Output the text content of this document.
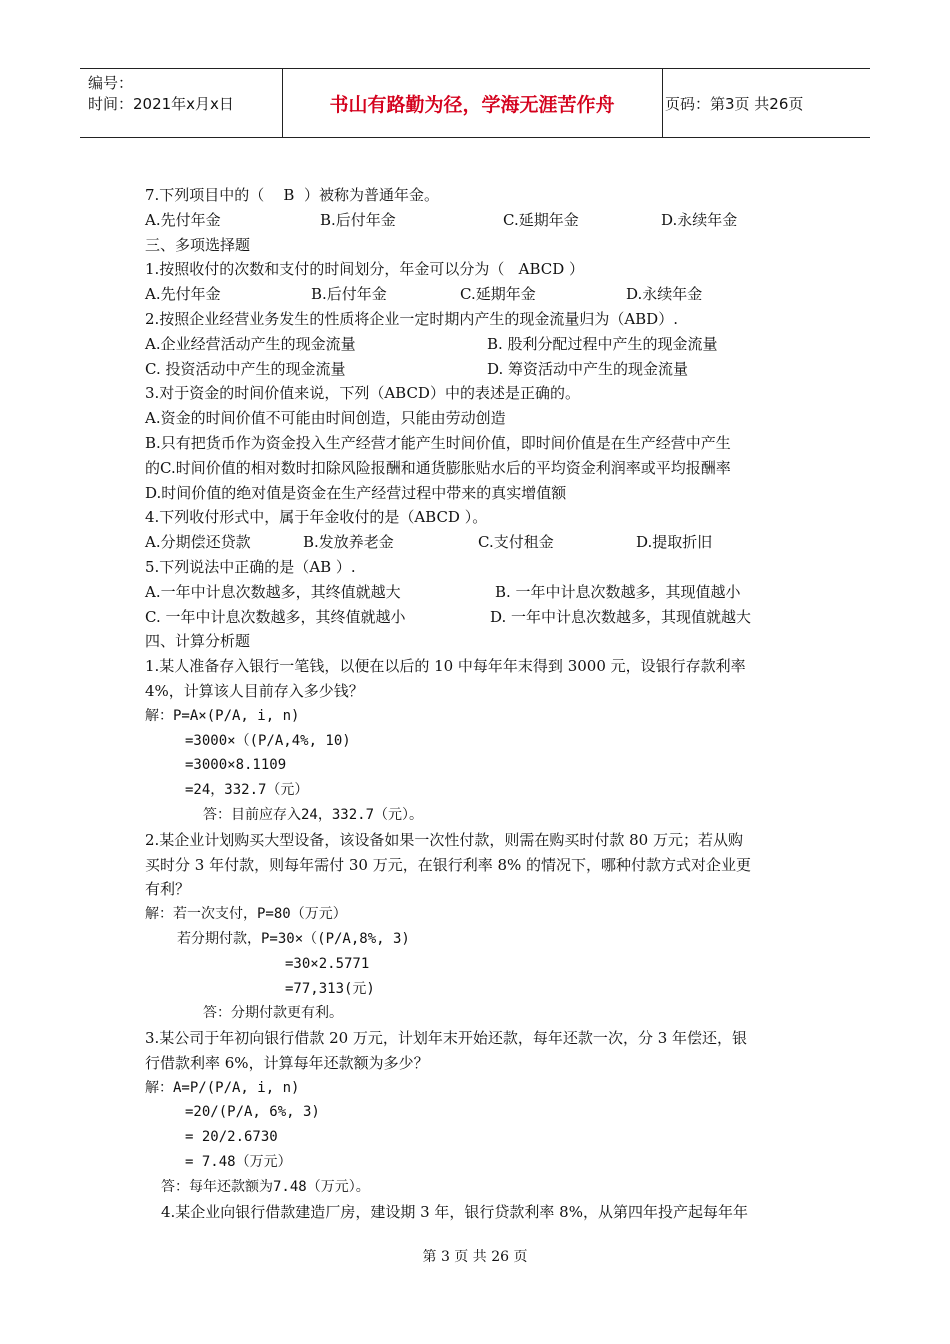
编号：
时间：2021年x月x日	书山有路勤为径，学海无涯苦作舟	页码：第3页 共26页
7.下列项目中的（    B  ）被称为普通年金。
A.先付年金	B.后付年金	C.延期年金	D.永续年金
三、多项选择题
1.按照收付的次数和支付的时间划分，年金可以分为（   ABCD ）
A.先付年金	B.后付年金	C.延期年金	D.永续年金
2.按照企业经营业务发生的性质将企业一定时期内产生的现金流量归为（ABD）.
A.企业经营活动产生的现金流量	B. 股利分配过程中产生的现金流量
C. 投资活动中产生的现金流量	D. 筹资活动中产生的现金流量
3.对于资金的时间价值来说，下列（ABCD）中的表述是正确的。
A.资金的时间价值不可能由时间创造，只能由劳动创造
B.只有把货币作为资金投入生产经营才能产生时间价值，即时间价值是在生产经营中产生
的C.时间价值的相对数时扣除风险报酬和通货膨胀贴水后的平均资金利润率或平均报酬率
D.时间价值的绝对值是资金在生产经营过程中带来的真实增值额
4.下列收付形式中，属于年金收付的是（ABCD ）。
A.分期偿还贷款	B.发放养老金	C.支付租金	D.提取折旧
5.下列说法中正确的是（AB ）.
A.一年中计息次数越多，其终值就越大	B. 一年中计息次数越多，其现值越小
C. 一年中计息次数越多，其终值就越小	D. 一年中计息次数越多，其现值就越大
四、计算分析题
1.某人准备存入银行一笔钱，以便在以后的 10 中每年年末得到 3000 元，设银行存款利率
4%，计算该人目前存入多少钱？
解：P=A×(P/A, i, n)
=3000×（(P/A,4%, 10)
=3000×8.1109
=24，332.7（元）
答：目前应存入24，332.7（元）。
2.某企业计划购买大型设备，该设备如果一次性付款，则需在购买时付款 80 万元；若从购
买时分 3 年付款，则每年需付 30 万元，在银行利率 8% 的情况下，哪种付款方式对企业更
有利？
解：若一次支付，P=80（万元）
若分期付款，P=30×（(P/A,8%, 3)
=30×2.5771
=77,313(元)
答：分期付款更有利。
3.某公司于年初向银行借款 20 万元，计划年末开始还款，每年还款一次，分 3 年偿还，银
行借款利率 6%，计算每年还款额为多少？
解：A=P/(P/A, i, n)
=20/(P/A, 6%, 3)
= 20/2.6730
= 7.48（万元）
答：每年还款额为7.48（万元）。
4.某企业向银行借款建造厂房，建设期 3 年，银行贷款利率 8%，从第四年投产起每年年
第 3 页 共 26 页
